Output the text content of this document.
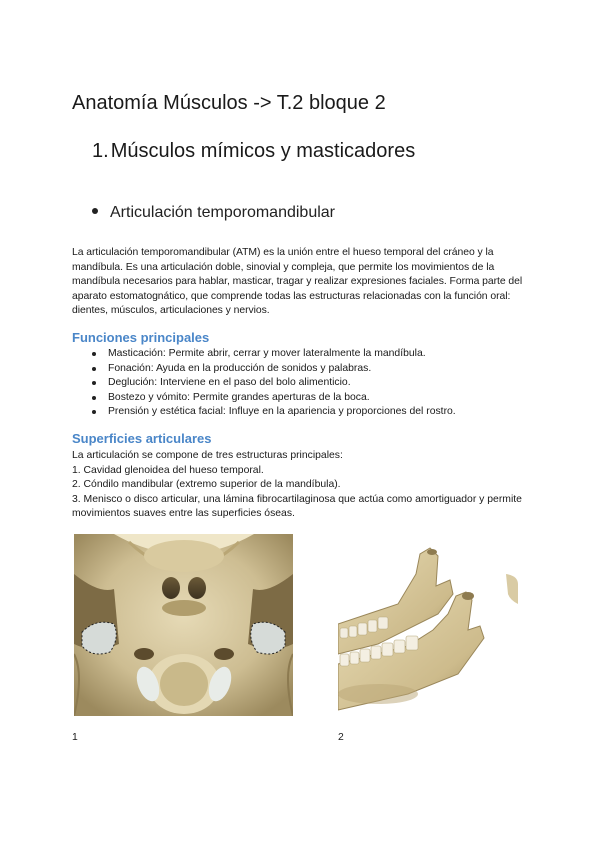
Anatomía Músculos -> T.2 bloque 2
1. Músculos mímicos y masticadores

Articulación temporomandibular

La articulación temporomandibular (ATM) es la unión entre el hueso temporal del cráneo y la mandíbula. Es una articulación doble, sinovial y compleja, que permite los movimientos de la mandíbula necesarios para hablar, masticar, tragar y realizar expresiones faciales. Forma parte del aparato estomatognático, que comprende todas las estructuras relacionadas con la función oral: dientes, músculos, articulaciones y nervios.

Funciones principales
Masticación: Permite abrir, cerrar y mover lateralmente la mandíbula.
Fonación: Ayuda en la producción de sonidos y palabras.
Deglución: Interviene en el paso del bolo alimenticio.
Bostezo y vómito: Permite grandes aperturas de la boca.
Prensión y estética facial: Influye en la apariencia y proporciones del rostro.
Superficies articulares

La articulación se compone de tres estructuras principales:

1. Cavidad glenoidea del hueso temporal.

2. Cóndilo mandibular (extremo superior de la mandíbula).

3. Menisco o disco articular, una lámina fibrocartilaginosa que actúa como amortiguador y permite movimientos suaves entre las superficies óseas.

1	2
